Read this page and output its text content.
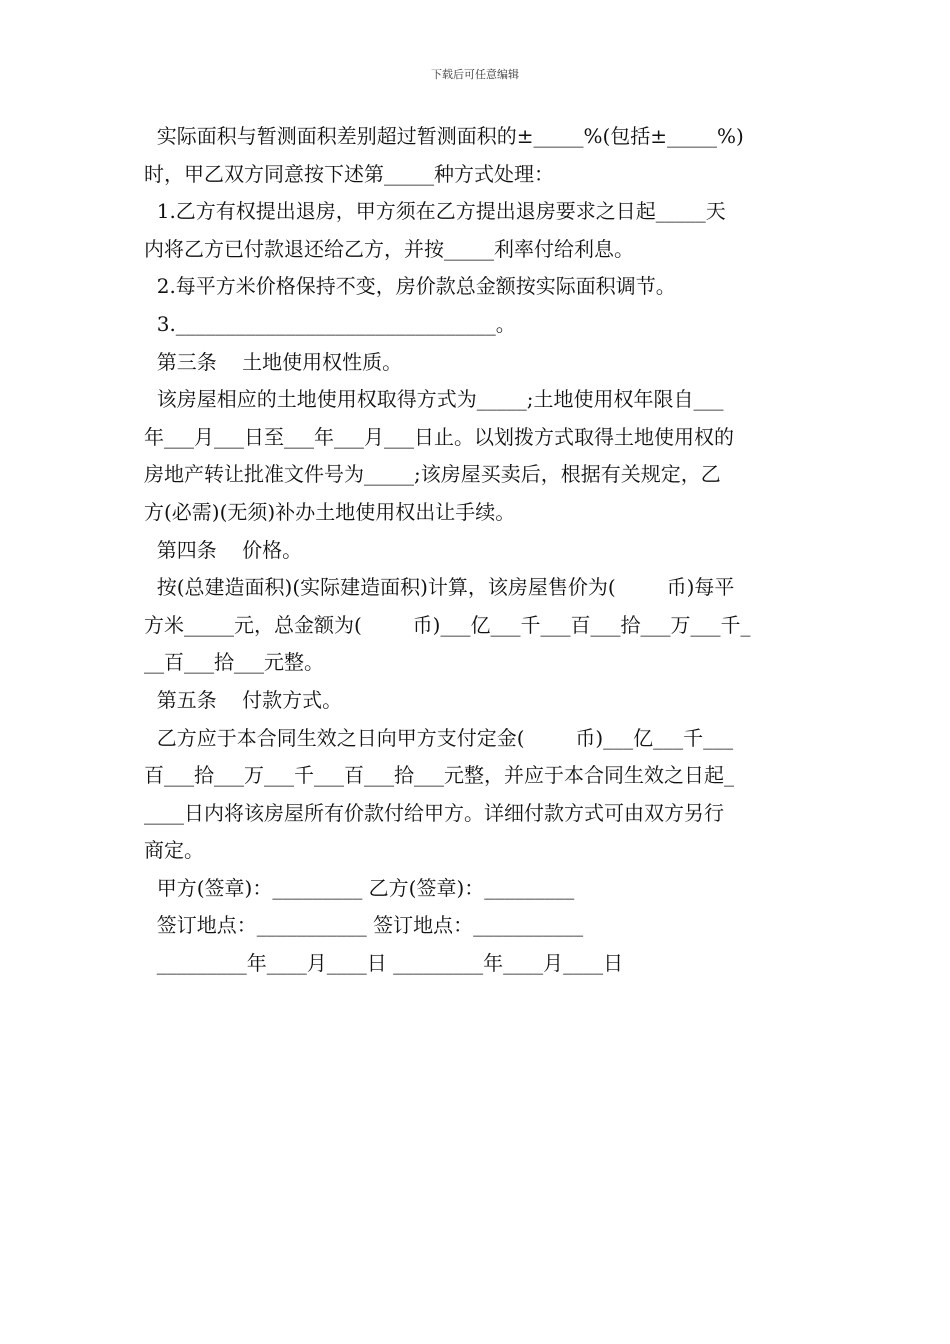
下载后可任意编辑
实际面积与暂测面积差别超过暂测面积的±_____%(包括±_____%)
时，甲乙双方同意按下述第_____种方式处理：
1.乙方有权提出退房，甲方须在乙方提出退房要求之日起_____天
内将乙方已付款退还给乙方，并按_____利率付给利息。
2.每平方米价格保持不变，房价款总金额按实际面积调节。
3.________________________________。
第三条    土地使用权性质。
该房屋相应的土地使用权取得方式为_____;土地使用权年限自___
年___月___日至___年___月___日止。以划拨方式取得土地使用权的
房地产转让批准文件号为_____;该房屋买卖后，根据有关规定，乙
方(必需)(无须)补办土地使用权出让手续。
第四条    价格。
按(总建造面积)(实际建造面积)计算，该房屋售价为(        币)每平
方米_____元，总金额为(        币)___亿___千___百___拾___万___千_
__百___拾___元整。
第五条    付款方式。
乙方应于本合同生效之日向甲方支付定金(        币)___亿___千___
百___拾___万___千___百___拾___元整，并应于本合同生效之日起_
____日内将该房屋所有价款付给甲方。详细付款方式可由双方另行
商定。
甲方(签章)：_________ 乙方(签章)：_________
签订地点：___________ 签订地点：___________
_________年____月____日 _________年____月____日
